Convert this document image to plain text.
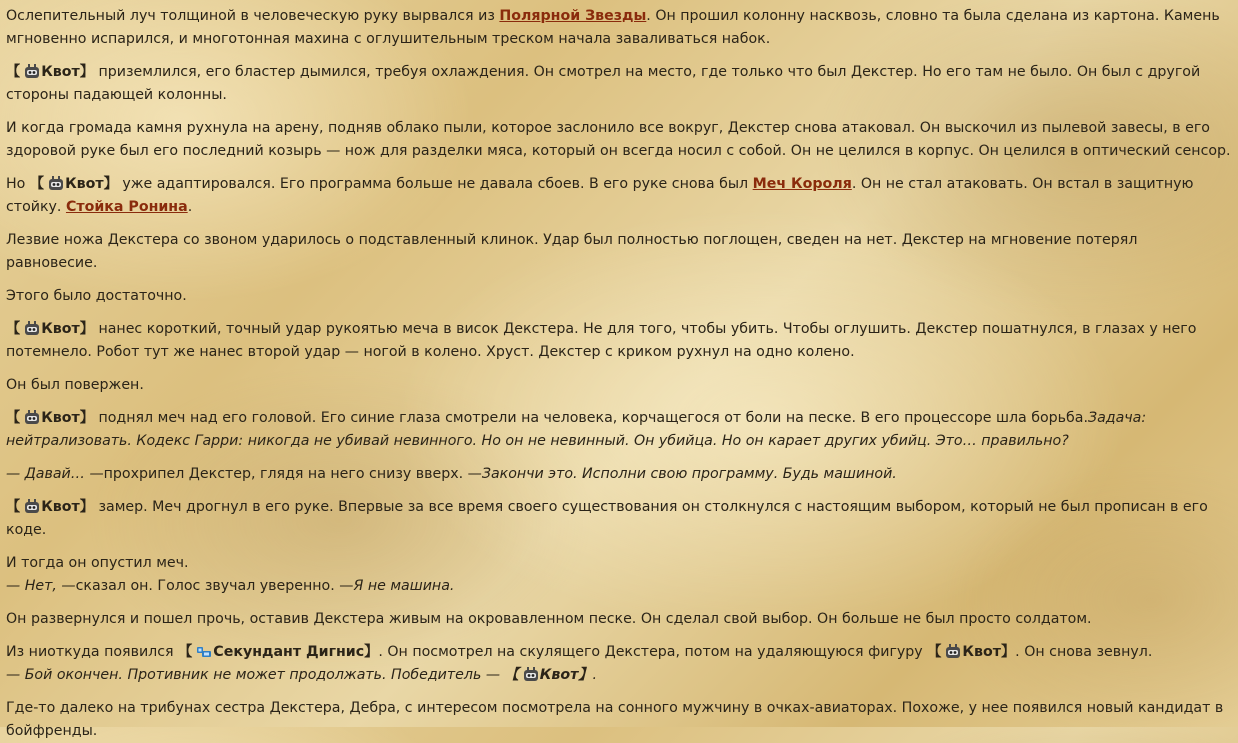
Ослепительный луч толщиной в человеческую руку вырвался из Полярной Звезды. Он прошил колонну насквозь, словно та была сделана из картона. Камень мгновенно испарился, и многотонная махина с оглушительным треском начала заваливаться набок.

【 Квот】 приземлился, его бластер дымился, требуя охлаждения. Он смотрел на место, где только что был Декстер. Но его там не было. Он был с другой стороны падающей колонны.

И когда громада камня рухнула на арену, подняв облако пыли, которое заслонило все вокруг, Декстер снова атаковал. Он выскочил из пылевой завесы, в его здоровой руке был его последний козырь — нож для разделки мяса, который он всегда носил с собой. Он не целился в корпус. Он целился в оптический сенсор.

Но 【 Квот】 уже адаптировался. Его программа больше не давала сбоев. В его руке снова был Меч Короля. Он не стал атаковать. Он встал в защитную стойку. Стойка Ронина.

Лезвие ножа Декстера со звоном ударилось о подставленный клинок. Удар был полностью поглощен, сведен на нет. Декстер на мгновение потерял равновесие.

Этого было достаточно.

【 Квот】 нанес короткий, точный удар рукоятью меча в висок Декстера. Не для того, чтобы убить. Чтобы оглушить. Декстер пошатнулся, в глазах у него потемнело. Робот тут же нанес второй удар — ногой в колено. Хруст. Декстер с криком рухнул на одно колено.

Он был повержен.

【 Квот】 поднял меч над его головой. Его синие глаза смотрели на человека, корчащегося от боли на песке. В его процессоре шла борьба.Задача: нейтрализовать. Кодекс Гарри: никогда не убивай невинного. Но он не невинный. Он убийца. Но он карает других убийц. Это… правильно?

— Давай… —прохрипел Декстер, глядя на него снизу вверх. —Закончи это. Исполни свою программу. Будь машиной.

【 Квот】 замер. Меч дрогнул в его руке. Впервые за все время своего существования он столкнулся с настоящим выбором, который не был прописан в его коде.

И тогда он опустил меч.
— Нет, —сказал он. Голос звучал уверенно. —Я не машина.

Он развернулся и пошел прочь, оставив Декстера живым на окровавленном песке. Он сделал свой выбор. Он больше не был просто солдатом.

Из ниоткуда появился 【 Секундант Дигнис】. Он посмотрел на скулящего Декстера, потом на удаляющуюся фигуру 【 Квот】. Он снова зевнул.
— Бой окончен. Противник не может продолжать. Победитель — 【 Квот】.

Где-то далеко на трибунах сестра Декстера, Дебра, с интересом посмотрела на сонного мужчину в очках-авиаторах. Похоже, у нее появился новый кандидат в бойфренды.
